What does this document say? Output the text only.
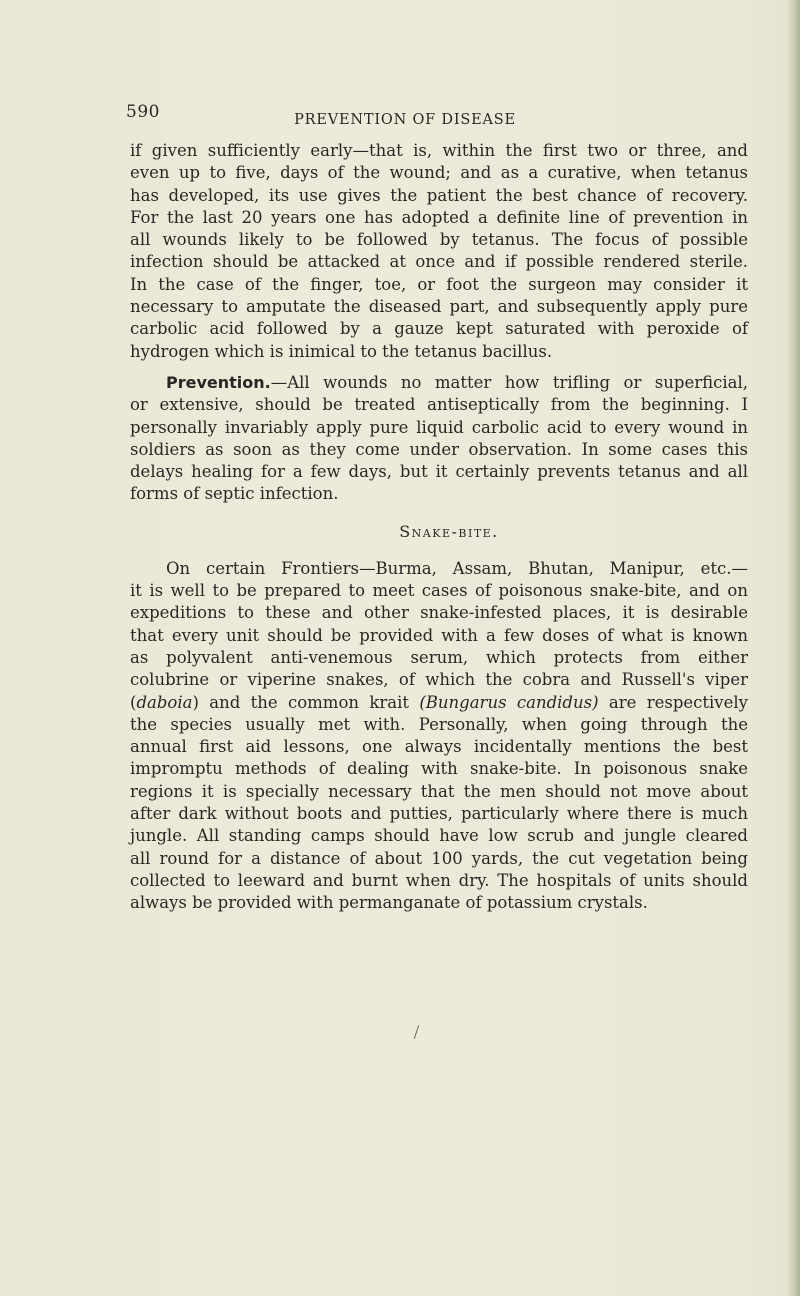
590	PREVENTION OF DISEASE
if given sufficiently early—that is, within the first two or three, and
even up to five, days of the wound; and as a curative, when tetanus
has developed, its use gives the patient the best chance of recovery.
For the last 20 years one has adopted a definite line of prevention in
all wounds likely to be followed by tetanus. The focus of possible
infection should be attacked at once and if possible rendered sterile.
In the case of the finger, toe, or foot the surgeon may consider it
necessary to amputate the diseased part, and subsequently apply pure
carbolic acid followed by a gauze kept saturated with peroxide of
hydrogen which is inimical to the tetanus bacillus.
Prevention.—All wounds no matter how trifling or superficial,
or extensive, should be treated antiseptically from the beginning. I
personally invariably apply pure liquid carbolic acid to every wound in
soldiers as soon as they come under observation. In some cases this
delays healing for a few days, but it certainly prevents tetanus and all
forms of septic infection.
Snake-bite.
On certain Frontiers—Burma, Assam, Bhutan, Manipur, etc.—
it is well to be prepared to meet cases of poisonous snake-bite, and on
expeditions to these and other snake-infested places, it is desirable
that every unit should be provided with a few doses of what is known
as polyvalent anti-venemous serum, which protects from either
colubrine or viperine snakes, of which the cobra and Russell's viper
(daboia) and the common krait (Bungarus candidus) are respectively
the species usually met with. Personally, when going through the
annual first aid lessons, one always incidentally mentions the best
impromptu methods of dealing with snake-bite. In poisonous snake
regions it is specially necessary that the men should not move about
after dark without boots and putties, particularly where there is much
jungle. All standing camps should have low scrub and jungle cleared
all round for a distance of about 100 yards, the cut vegetation being
collected to leeward and burnt when dry. The hospitals of units should
always be provided with permanganate of potassium crystals.
